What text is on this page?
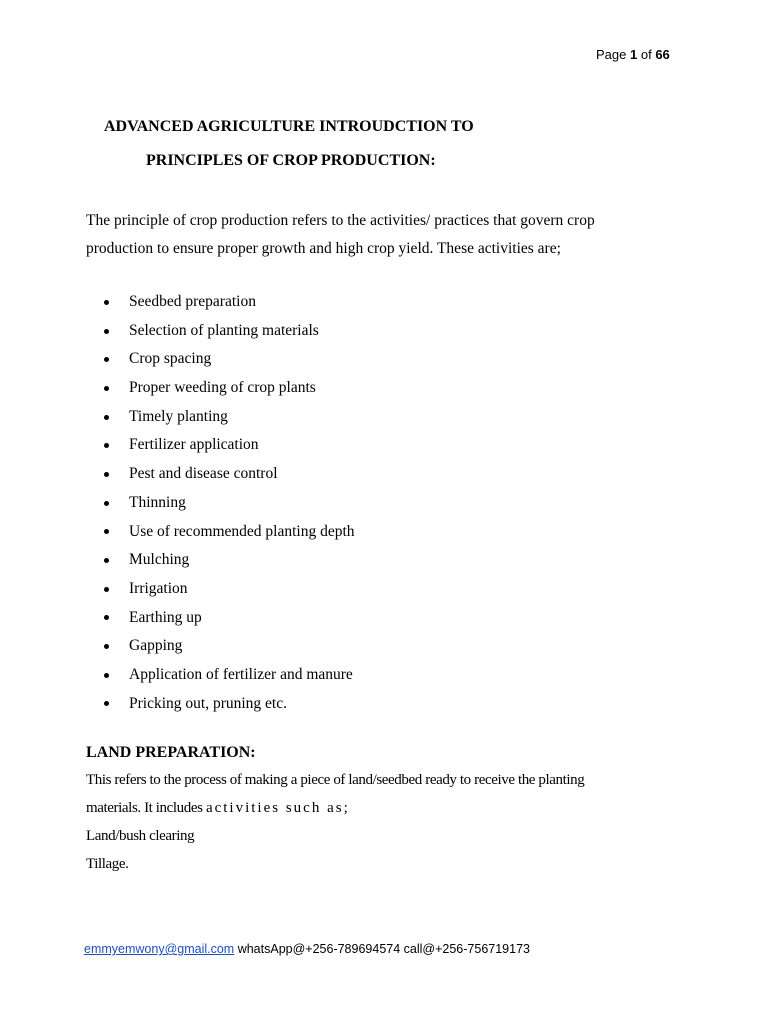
Page 1 of 66
ADVANCED AGRICULTURE INTROUDCTION TO
PRINCIPLES OF CROP PRODUCTION:

The principle of crop production refers to the activities/ practices that govern crop
production to ensure proper growth and high crop yield. These activities are;

Seedbed preparation
Selection of planting materials
Crop spacing
Proper weeding of crop plants
Timely planting
Fertilizer application
Pest and disease control
Thinning
Use of recommended planting depth
Mulching
Irrigation
Earthing up
Gapping
Application of fertilizer and manure
Pricking out, pruning etc.
LAND PREPARATION:
This refers to the process of making a piece of land/seedbed ready to receive the planting
materials. It includes activities such as;
Land/bush clearing
Tillage.
emmyemwony@gmail.com whatsApp@+256-789694574 call@+256-756719173
